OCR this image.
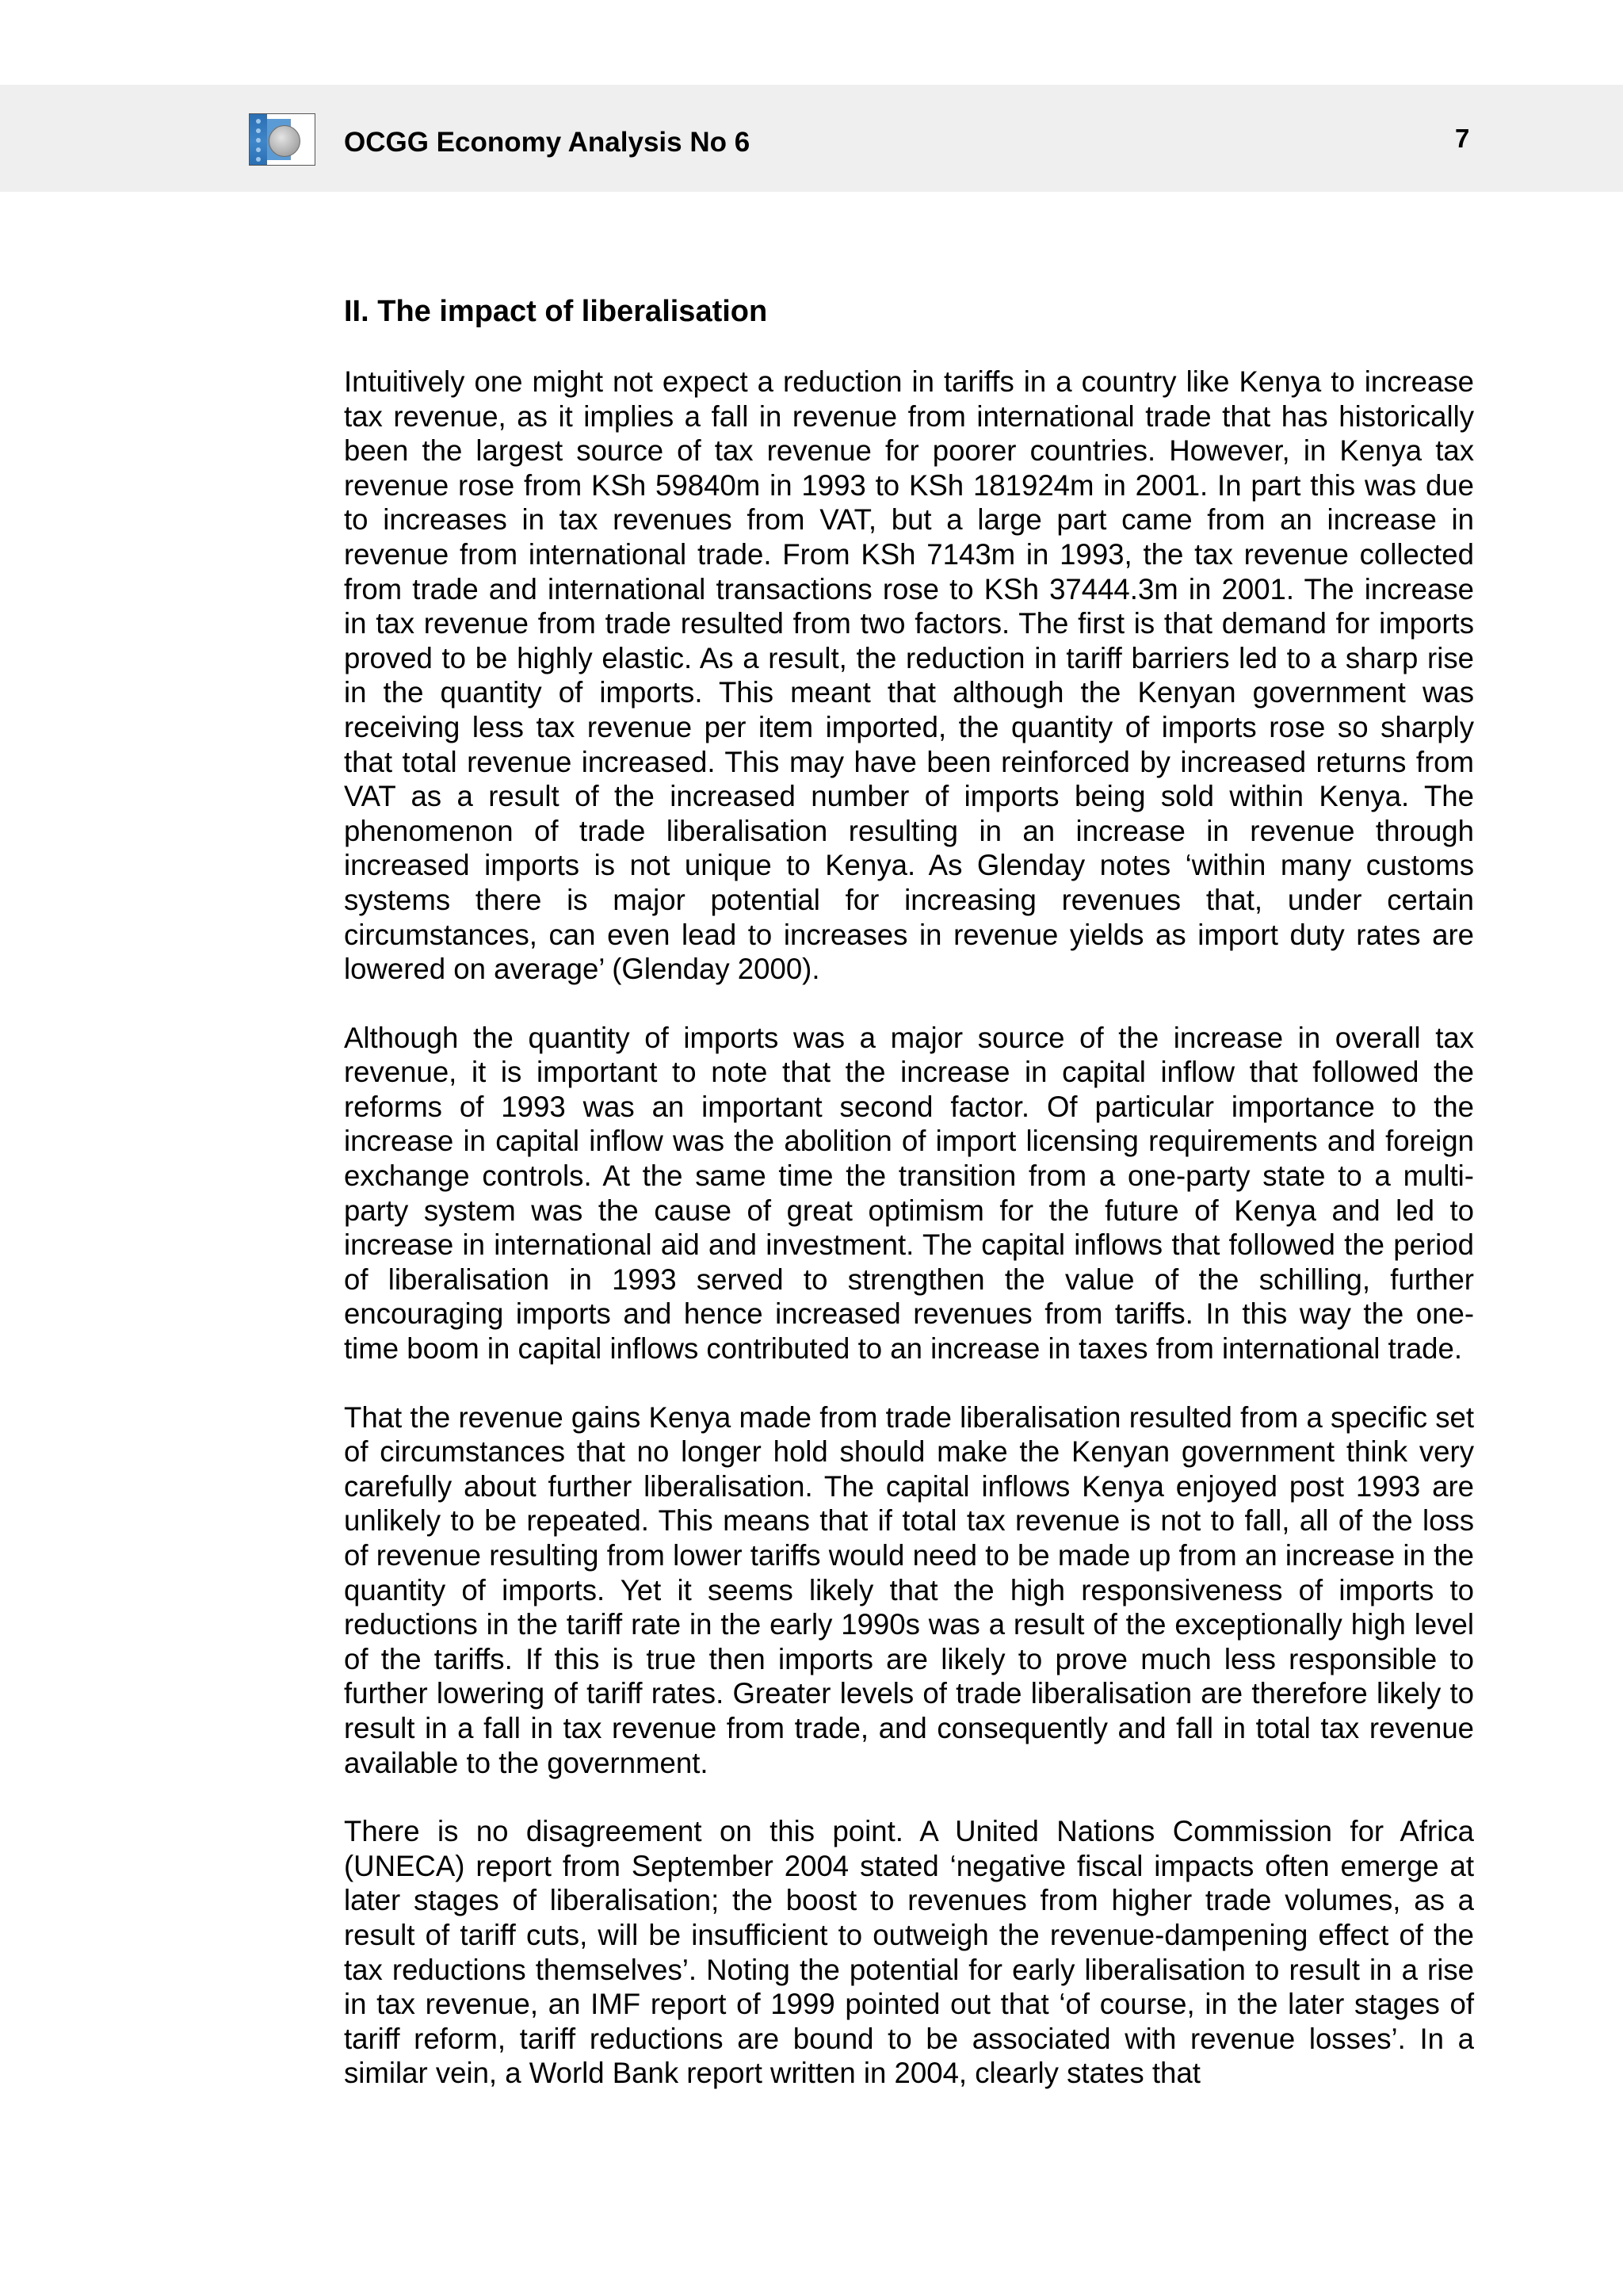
OCGG Economy Analysis No 6	7
II. The impact of liberalisation

Intuitively one might not expect a reduction in tariffs in a country like Kenya to increase tax revenue, as it implies a fall in revenue from international trade that has historically been the largest source of tax revenue for poorer countries. However, in Kenya tax revenue rose from KSh 59840m in 1993 to KSh 181924m in 2001. In part this was due to increases in tax revenues from VAT, but a large part came from an increase in revenue from international trade. From KSh 7143m in 1993, the tax revenue collected from trade and international transactions rose to KSh 37444.3m in 2001. The increase in tax revenue from trade resulted from two factors. The first is that demand for imports proved to be highly elastic. As a result, the reduction in tariff barriers led to a sharp rise in the quantity of imports. This meant that although the Kenyan government was receiving less tax revenue per item imported, the quantity of imports rose so sharply that total revenue increased. This may have been reinforced by increased returns from VAT as a result of the increased number of imports being sold within Kenya. The phenomenon of trade liberalisation resulting in an increase in revenue through increased imports is not unique to Kenya. As Glenday notes ‘within many customs systems there is major potential for increasing revenues that, under certain circumstances, can even lead to increases in revenue yields as import duty rates are lowered on average’ (Glenday 2000).

Although the quantity of imports was a major source of the increase in overall tax revenue, it is important to note that the increase in capital inflow that followed the reforms of 1993 was an important second factor. Of particular importance to the increase in capital inflow was the abolition of import licensing requirements and foreign exchange controls. At the same time the transition from a one-party state to a multi-party system was the cause of great optimism for the future of Kenya and led to increase in international aid and investment. The capital inflows that followed the period of liberalisation in 1993 served to strengthen the value of the schilling, further encouraging imports and hence increased revenues from tariffs. In this way the one-time boom in capital inflows contributed to an increase in taxes from international trade.

That the revenue gains Kenya made from trade liberalisation resulted from a specific set of circumstances that no longer hold should make the Kenyan government think very carefully about further liberalisation. The capital inflows Kenya enjoyed post 1993 are unlikely to be repeated. This means that if total tax revenue is not to fall, all of the loss of revenue resulting from lower tariffs would need to be made up from an increase in the quantity of imports. Yet it seems likely that the high responsiveness of imports to reductions in the tariff rate in the early 1990s was a result of the exceptionally high level of the tariffs. If this is true then imports are likely to prove much less responsible to further lowering of tariff rates. Greater levels of trade liberalisation are therefore likely to result in a fall in tax revenue from trade, and consequently and fall in total tax revenue available to the government.

There is no disagreement on this point. A United Nations Commission for Africa (UNECA) report from September 2004 stated ‘negative fiscal impacts often emerge at later stages of liberalisation; the boost to revenues from higher trade volumes, as a result of tariff cuts, will be insufficient to outweigh the revenue-dampening effect of the tax reductions themselves’. Noting the potential for early liberalisation to result in a rise in tax revenue, an IMF report of 1999 pointed out that ‘of course, in the later stages of tariff reform, tariff reductions are bound to be associated with revenue losses’. In a similar vein, a World Bank report written in 2004, clearly states that
